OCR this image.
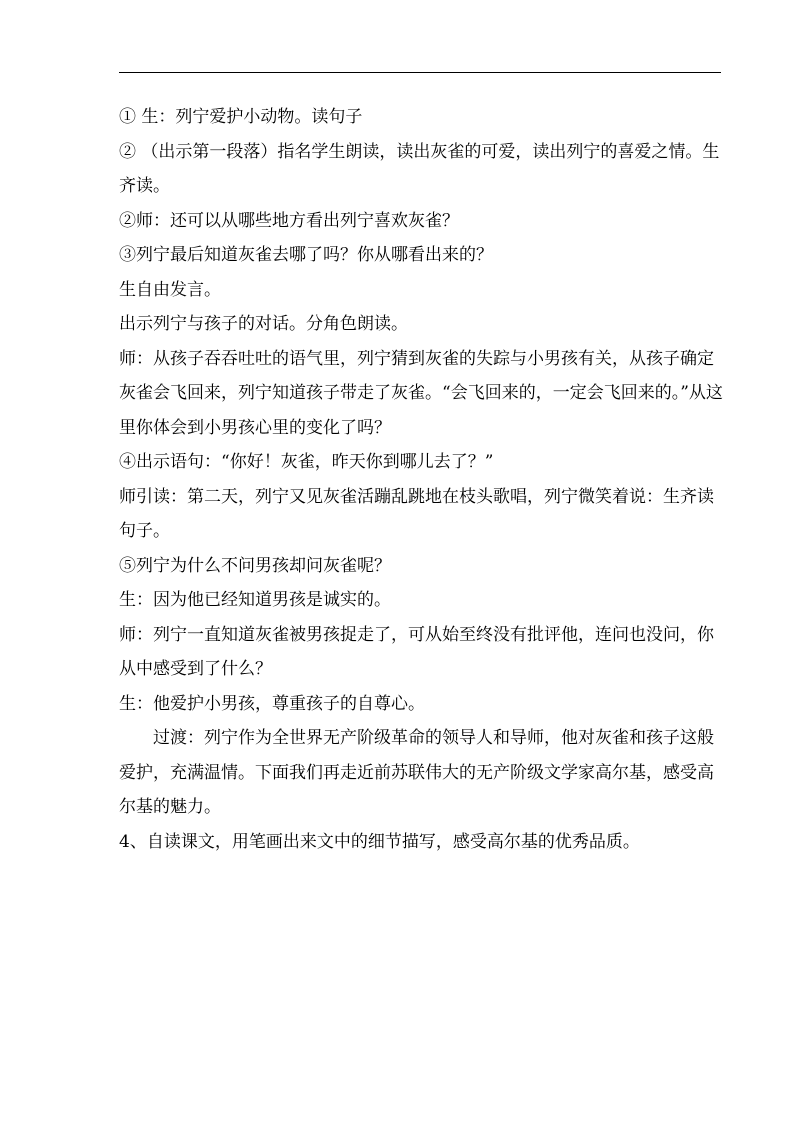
① 生：列宁爱护小动物。读句子

② （出示第一段落）指名学生朗读，读出灰雀的可爱，读出列宁的喜爱之情。生齐读。

②师：还可以从哪些地方看出列宁喜欢灰雀？

③列宁最后知道灰雀去哪了吗？你从哪看出来的？

生自由发言。

出示列宁与孩子的对话。分角色朗读。

师：从孩子吞吞吐吐的语气里，列宁猜到灰雀的失踪与小男孩有关，从孩子确定灰雀会飞回来，列宁知道孩子带走了灰雀。“会飞回来的，一定会飞回来的。”从这里你体会到小男孩心里的变化了吗？

④出示语句：“你好！灰雀，昨天你到哪儿去了？”

师引读：第二天，列宁又见灰雀活蹦乱跳地在枝头歌唱，列宁微笑着说：生齐读句子。

⑤列宁为什么不问男孩却问灰雀呢？

生：因为他已经知道男孩是诚实的。

师：列宁一直知道灰雀被男孩捉走了，可从始至终没有批评他，连问也没问，你从中感受到了什么？

生：他爱护小男孩，尊重孩子的自尊心。

过渡：列宁作为全世界无产阶级革命的领导人和导师，他对灰雀和孩子这般爱护，充满温情。下面我们再走近前苏联伟大的无产阶级文学家高尔基，感受高尔基的魅力。

4、自读课文，用笔画出来文中的细节描写，感受高尔基的优秀品质。
